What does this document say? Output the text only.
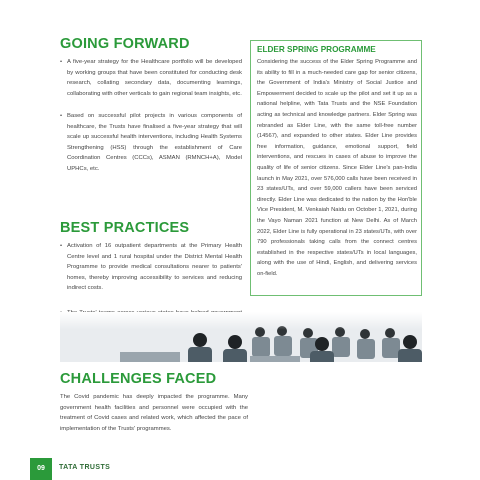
GOING FORWARD
• A five-year strategy for the Healthcare portfolio will be developed by working groups that have been constituted for conducting desk research, collating secondary data, documenting learnings, collaborating with other verticals to gain regional team insights, etc.
• Based on successful pilot projects in various components of healthcare, the Trusts have finalised a five-year strategy that will scale up successful health interventions, including Health Systems Strengthening (HSS) through the establishment of Care Coordination Centres (CCCs), ASMAN (RMNCH+A), Model UPHCs, etc.
BEST PRACTICES
• Activation of 16 outpatient departments at the Primary Health Centre level and 1 rural hospital under the District Mental Health Programme to provide medical consultations nearer to patients' homes, thereby improving accessibility to services and reducing indirect costs.
ELDER SPRING PROGRAMME
Considering the success of the Elder Spring Programme and its ability to fill in a much-needed care gap for senior citizens, the Government of India's Ministry of Social Justice and Empowerment decided to scale up the pilot and set it up as a national helpline, with Tata Trusts and the NSE Foundation acting as technical and knowledge partners. Elder Spring was rebranded as Elder Line, with the same toll-free number (14567), and expanded to other states. Elder Line provides free information, guidance, emotional support, field interventions, and rescues in cases of abuse to improve the quality of life of senior citizens. Since Elder Line's pan-India launch in May 2021, over 576,000 calls have been received in 23 states/UTs, and over 59,000 callers have been serviced directly. Elder Line was dedicated to the nation by the Hon'ble Vice President, M. Venkaiah Naidu on October 1, 2021, during the Vayo Naman 2021 function at New Delhi. As of March 2022, Elder Line is fully operational in 23 states/UTs, with over 790 professionals taking calls from the connect centres established in the respective states/UTs in local languages, along with the use of Hindi, English, and delivering services on-field.
CHALLENGES FACED
The Covid pandemic has deeply impacted the programme. Many government health facilities and personnel were occupied with the treatment of Covid cases and related work, which affected the pace of implementation of the Trusts' programmes.
09	TATA TRUSTS
